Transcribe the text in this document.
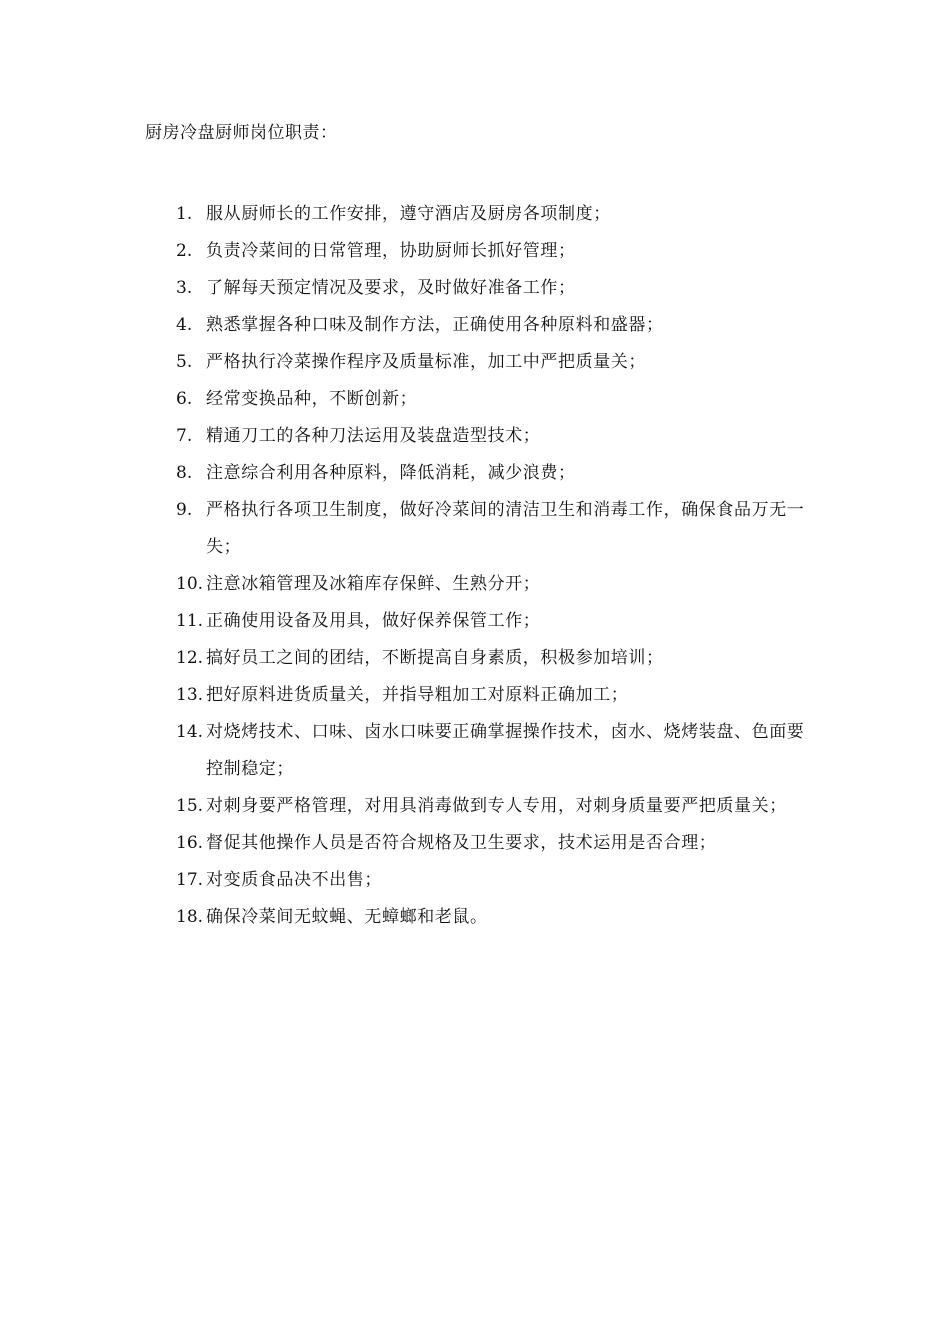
厨房冷盘厨师岗位职责：
1. 服从厨师长的工作安排，遵守酒店及厨房各项制度；
2. 负责冷菜间的日常管理，协助厨师长抓好管理；
3. 了解每天预定情况及要求，及时做好准备工作；
4. 熟悉掌握各种口味及制作方法，正确使用各种原料和盛器；
5. 严格执行冷菜操作程序及质量标准，加工中严把质量关；
6. 经常变换品种，不断创新；
7. 精通刀工的各种刀法运用及装盘造型技术；
8. 注意综合利用各种原料，降低消耗，减少浪费；
9. 严格执行各项卫生制度，做好冷菜间的清洁卫生和消毒工作，确保食品万无一失；
10. 注意冰箱管理及冰箱库存保鲜、生熟分开；
11. 正确使用设备及用具，做好保养保管工作；
12. 搞好员工之间的团结，不断提高自身素质，积极参加培训；
13. 把好原料进货质量关，并指导粗加工对原料正确加工；
14. 对烧烤技术、口味、卤水口味要正确掌握操作技术，卤水、烧烤装盘、色面要控制稳定；
15. 对刺身要严格管理，对用具消毒做到专人专用，对刺身质量要严把质量关；
16. 督促其他操作人员是否符合规格及卫生要求，技术运用是否合理；
17. 对变质食品决不出售；
18. 确保冷菜间无蚊蝇、无蟑螂和老鼠。
